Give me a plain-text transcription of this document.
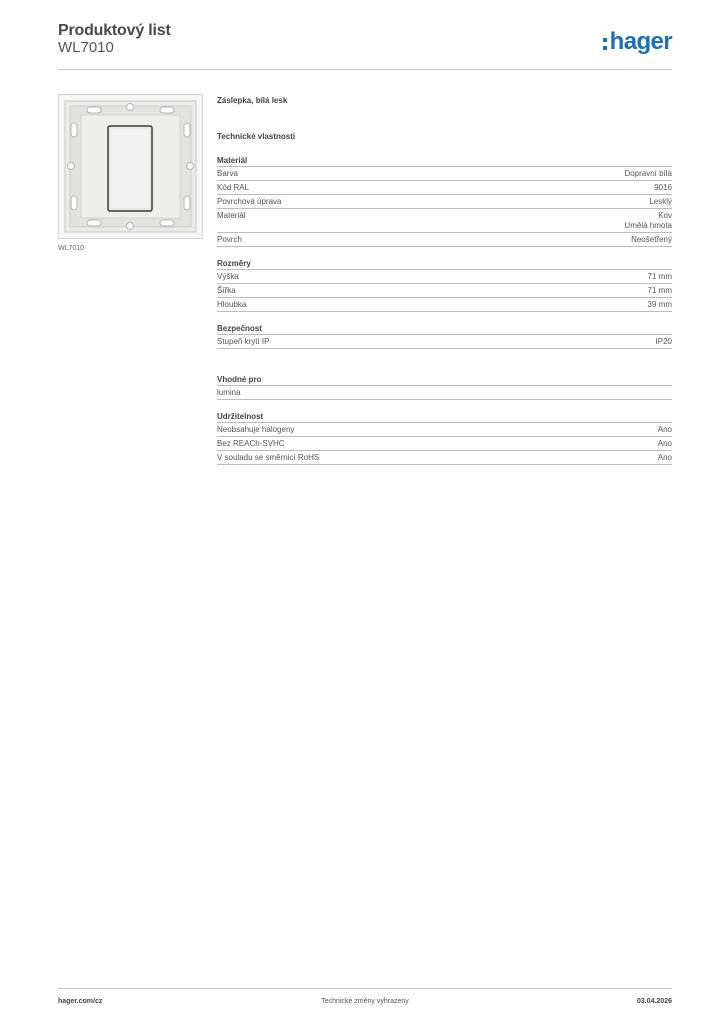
Produktový list
WL7010	hager
WL7010
Záslepka, bílá lesk
Technické vlastnosti
Materiál
Barva	Dopravní bílá
Kód RAL	9016
Povrchová úprava	Lesklý
Materiál	Kov
Umělá hmota
Povrch	Neošetřený
Rozměry
Výška	71 mm
Šířka	71 mm
Hloubka	39 mm
Bezpečnost
Stupeň krytí IP	IP20
Vhodné pro
lumina
Udržitelnost
Neobsahuje halogeny	Ano
Bez REACh-SVHC	Ano
V souladu se směrnicí RoHS	Ano
hager.com/cz	Technické změny vyhrazeny	03.04.2026
